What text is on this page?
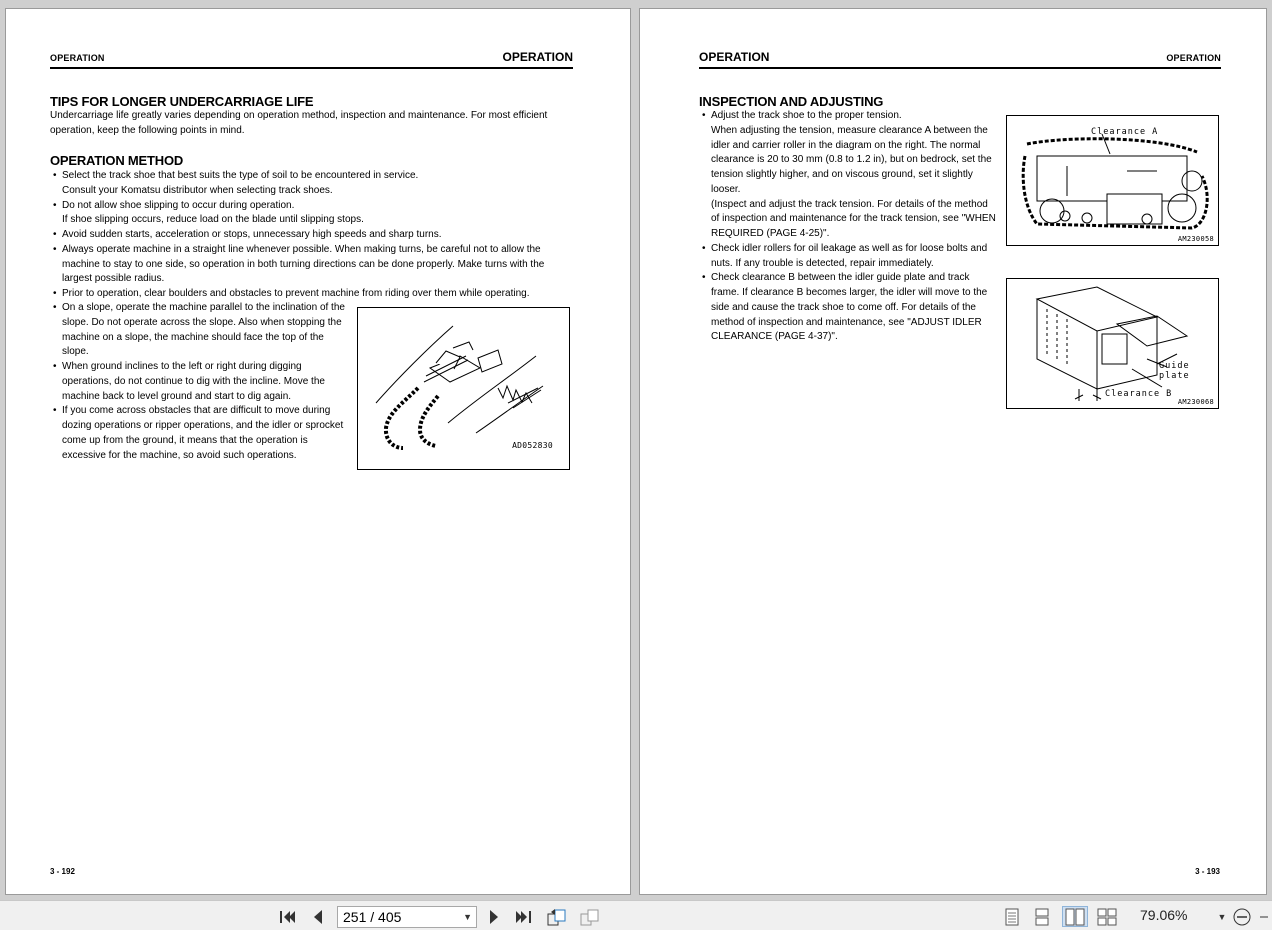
OPERATION	OPERATION
TIPS FOR LONGER UNDERCARRIAGE LIFE
Undercarriage life greatly varies depending on operation method, inspection and maintenance. For most efficient
operation, keep the following points in mind.
OPERATION METHOD
• Select the track shoe that best suits the type of soil to be encountered in service.
Consult your Komatsu distributor when selecting track shoes.
• Do not allow shoe slipping to occur during operation.
If shoe slipping occurs, reduce load on the blade until slipping stops.
• Avoid sudden starts, acceleration or stops, unnecessary high speeds and sharp turns.
• Always operate machine in a straight line whenever possible. When making turns, be careful not to allow the
machine to stay to one side, so operation in both turning directions can be done properly. Make turns with the
largest possible radius.
• Prior to operation, clear boulders and obstacles to prevent machine from riding over them while operating.
• On a slope, operate the machine parallel to the inclination of the
slope. Do not operate across the slope. Also when stopping the
machine on a slope, the machine should face the top of the
slope.
• When ground inclines to the left or right during digging
operations, do not continue to dig with the incline. Move the
machine back to level ground and start to dig again.
• If you come across obstacles that are difficult to move during
dozing operations or ripper operations, and the idler or sprocket
come up from the ground, it means that the operation is
excessive for the machine, so avoid such operations.
AD052830
3 - 192
OPERATION	OPERATION
INSPECTION AND ADJUSTING
• Adjust the track shoe to the proper tension.
When adjusting the tension, measure clearance A between the
idler and carrier roller in the diagram on the right. The normal
clearance is 20 to 30 mm (0.8 to 1.2 in), but on bedrock, set the
tension slightly higher, and on viscous ground, set it slightly
looser.
(Inspect and adjust the track tension. For details of the method
of inspection and maintenance for the track tension, see "WHEN
REQUIRED (PAGE 4-25)".
• Check idler rollers for oil leakage as well as for loose bolts and
nuts. If any trouble is detected, repair immediately.
• Check clearance B between the idler guide plate and track
frame. If clearance B becomes larger, the idler will move to the
side and cause the track shoe to come off. For details of the
method of inspection and maintenance, see "ADJUST IDLER
CLEARANCE (PAGE 4-37)".
Clearance A
AM230058
Guide
plate
Clearance B
AM230068
3 - 193
251 / 405	▼	79.06%	▼
